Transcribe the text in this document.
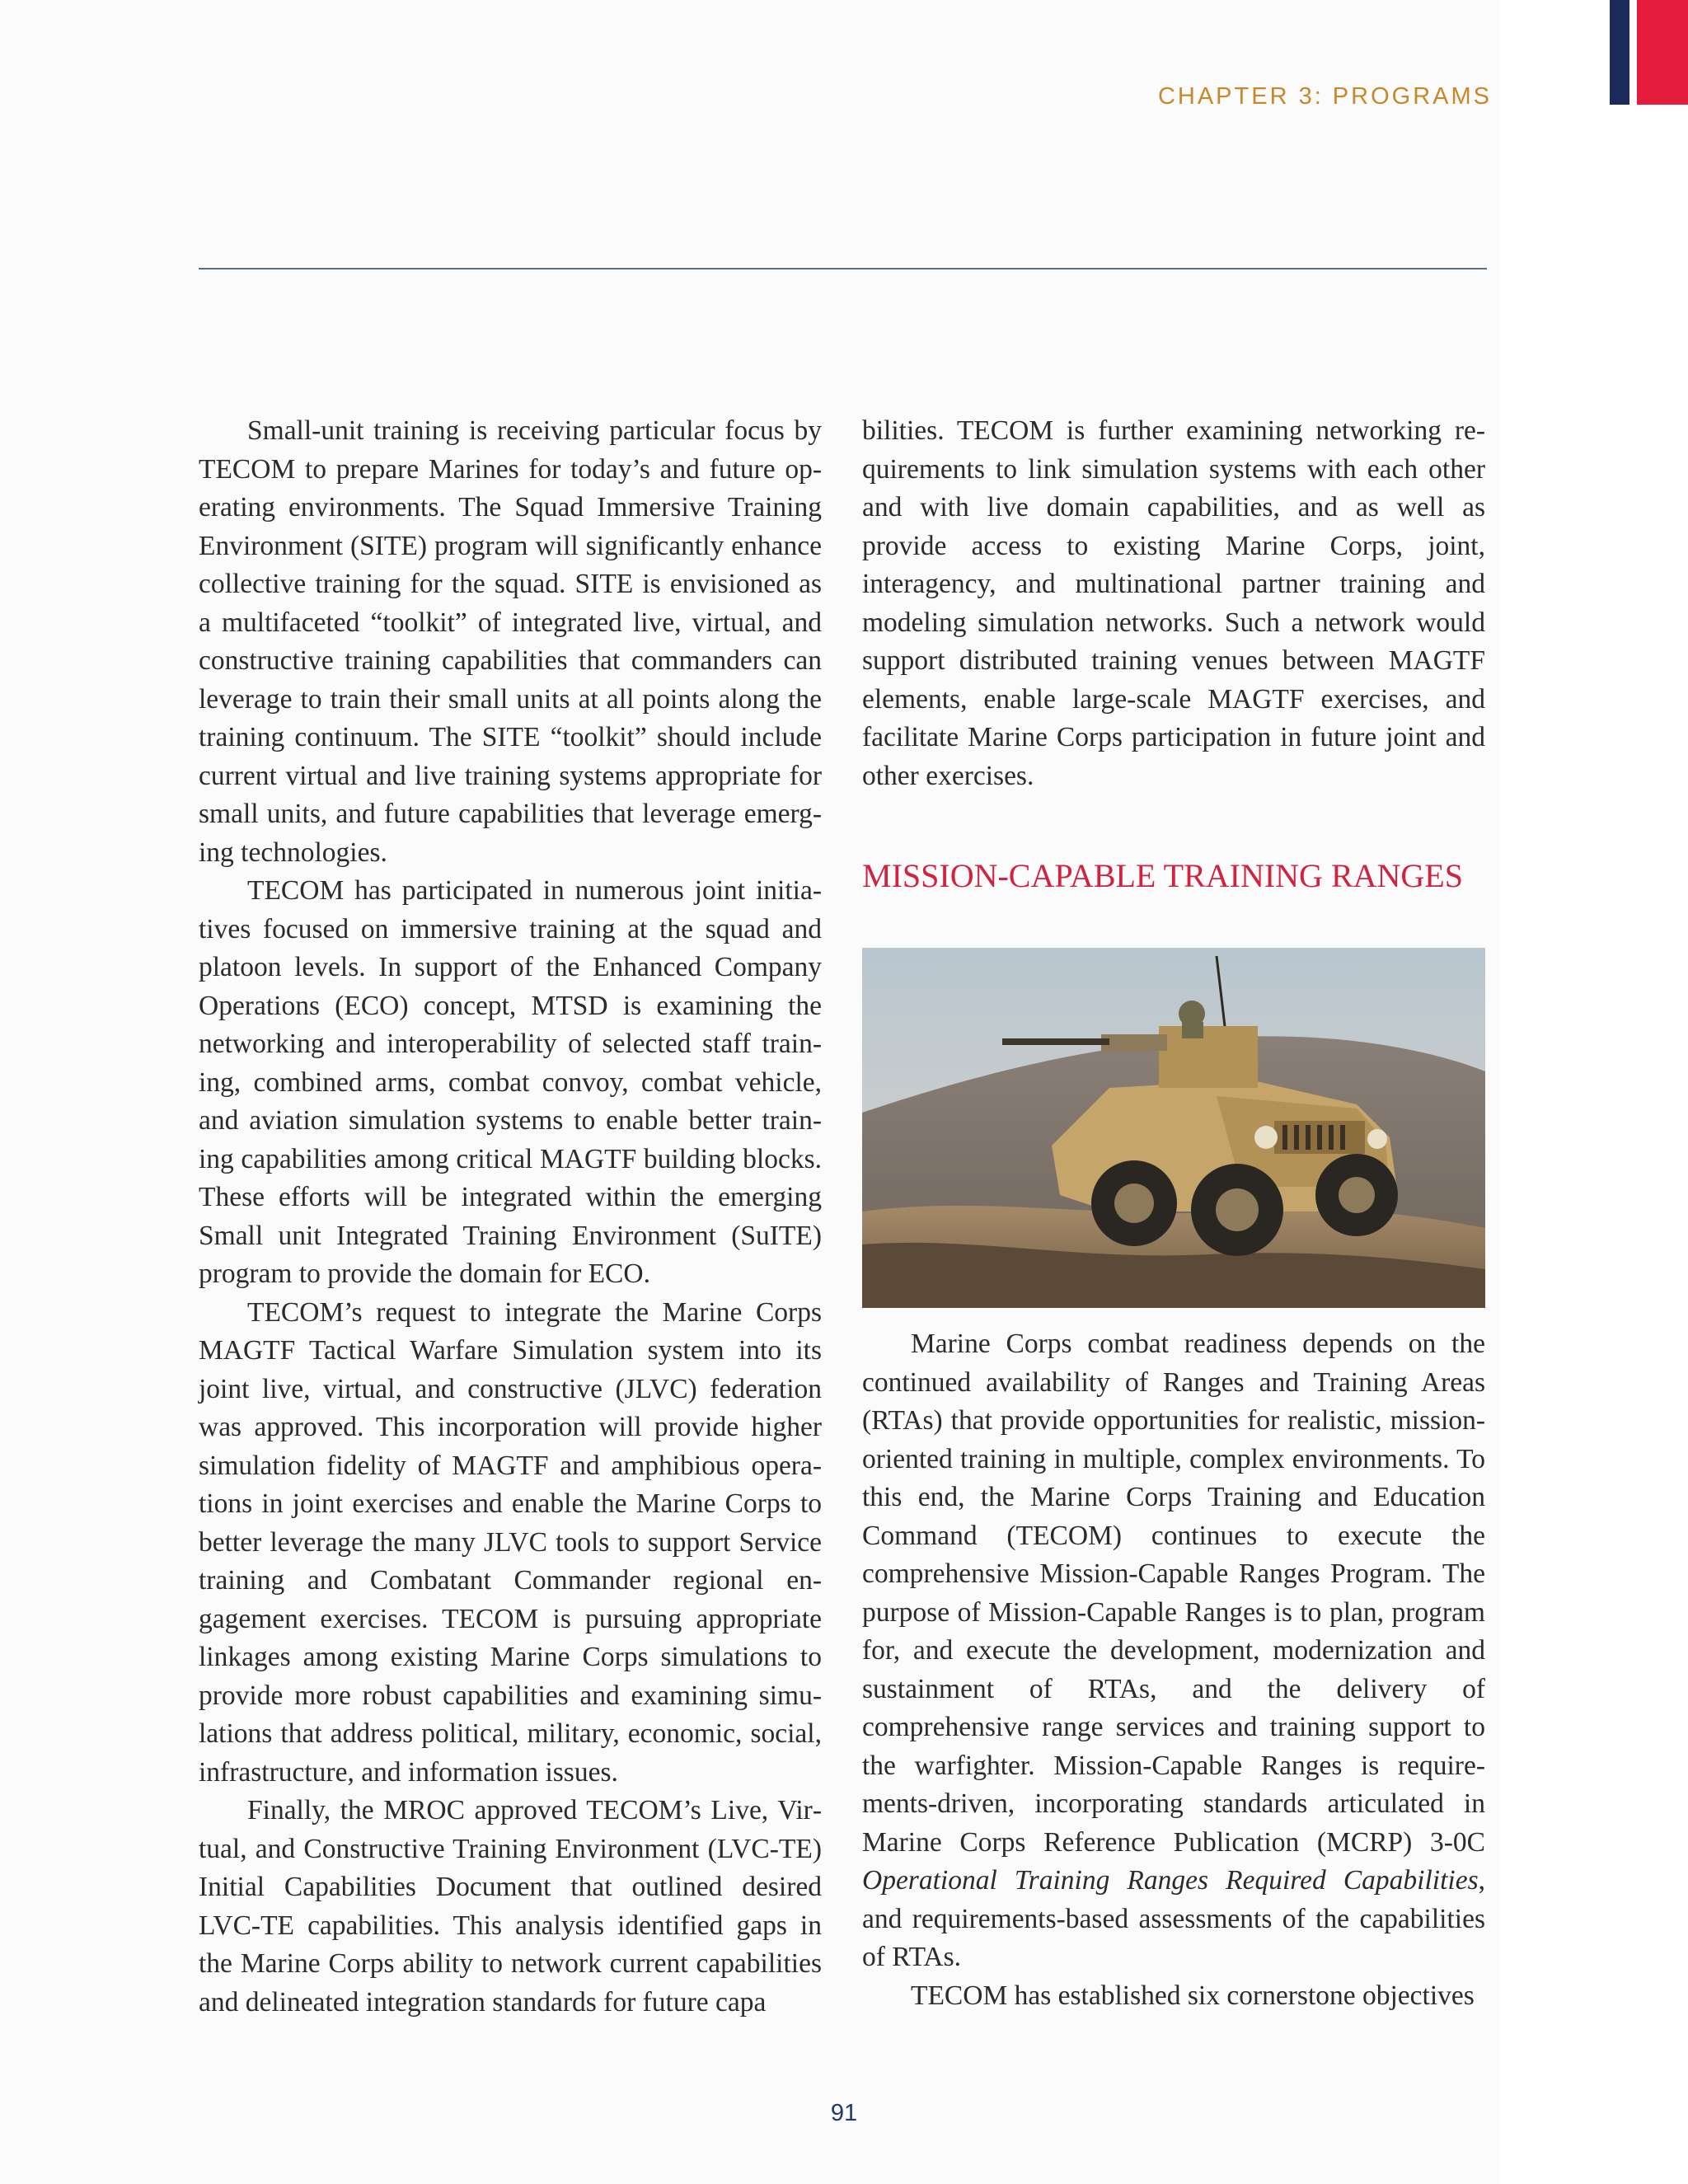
CHAPTER 3: PROGRAMS

Small-unit training is receiving particular focus by TECOM to prepare Marines for today’s and future operating environments. The Squad Immersive Training Environment (SITE) program will significantly enhance collective training for the squad. SITE is envisioned as a multifaceted “toolkit” of integrated live, virtual, and constructive training capabilities that commanders can leverage to train their small units at all points along the training continuum. The SITE “toolkit” should include current virtual and live training systems appropriate for small units, and future capabilities that leverage emerging technologies.

TECOM has participated in numerous joint initiatives focused on immersive training at the squad and platoon levels. In support of the Enhanced Company Operations (ECO) concept, MTSD is examining the networking and interoperability of selected staff training, combined arms, combat convoy, combat vehicle, and aviation simulation systems to enable better training capabilities among critical MAGTF building blocks. These efforts will be integrated within the emerging Small unit Integrated Training Environment (SuITE) program to provide the domain for ECO.

TECOM’s request to integrate the Marine Corps MAGTF Tactical Warfare Simulation system into its joint live, virtual, and constructive (JLVC) federation was approved. This incorporation will provide higher simulation fidelity of MAGTF and amphibious operations in joint exercises and enable the Marine Corps to better leverage the many JLVC tools to support Service training and Combatant Commander regional engagement exercises. TECOM is pursuing appropriate linkages among existing Marine Corps simulations to provide more robust capabilities and examining simulations that address political, military, economic, social, infrastructure, and information issues.

Finally, the MROC approved TECOM’s Live, Virtual, and Constructive Training Environment (LVC-TE) Initial Capabilities Document that outlined desired LVC-TE capabilities. This analysis identified gaps in the Marine Corps ability to network current capabilities and delineated integration standards for future capa

bilities. TECOM is further examining networking requirements to link simulation systems with each other and with live domain capabilities, and as well as provide access to existing Marine Corps, joint, interagency, and multinational partner training and modeling simulation networks. Such a network would support distributed training venues between MAGTF elements, enable large-scale MAGTF exercises, and facilitate Marine Corps participation in future joint and other exercises.

MISSION-CAPABLE TRAINING RANGES

Marine Corps combat readiness depends on the continued availability of Ranges and Training Areas (RTAs) that provide opportunities for realistic, mission-oriented training in multiple, complex environments. To this end, the Marine Corps Training and Education Command (TECOM) continues to execute the comprehensive Mission-Capable Ranges Program. The purpose of Mission-Capable Ranges is to plan, program for, and execute the development, modernization and sustainment of RTAs, and the delivery of comprehensive range services and training support to the warfighter. Mission-Capable Ranges is requirements-driven, incorporating standards articulated in Marine Corps Reference Publication (MCRP) 3-0C Operational Training Ranges Required Capabilities, and requirements-based assessments of the capabilities of RTAs.

TECOM has established six cornerstone objectives

91
